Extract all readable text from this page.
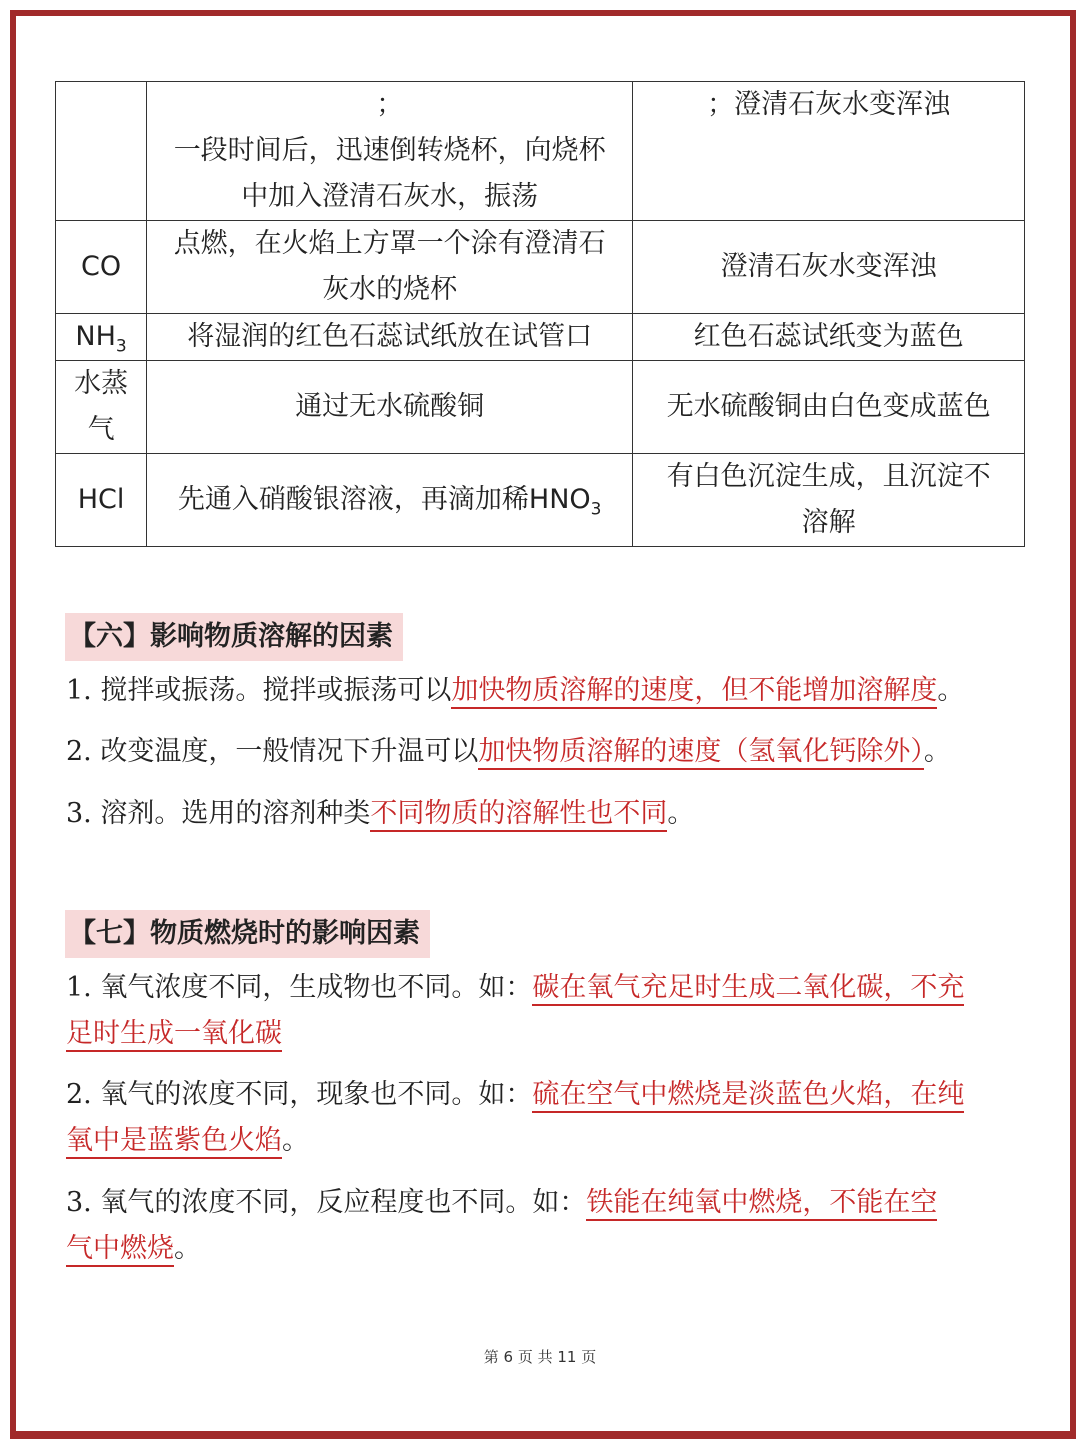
	；
一段时间后，迅速倒转烧杯，向烧杯
中加入澄清石灰水，振荡	；澄清石灰水变浑浊

CO	点燃，在火焰上方罩一个涂有澄清石
灰水的烧杯	澄清石灰水变浑浊

$NH_3$	将湿润的红色石蕊试纸放在试管口	红色石蕊试纸变为蓝色

水蒸
气	通过无水硫酸铜	无水硫酸铜由白色变成蓝色

HCl	先通入硝酸银溶液，再滴加稀$HNO_3$	有白色沉淀生成，且沉淀不
溶解
【六】影响物质溶解的因素
1. 搅拌或振荡。搅拌或振荡可以加快物质溶解的速度，但不能增加溶解度。
2. 改变温度，一般情况下升温可以加快物质溶解的速度（氢氧化钙除外）。
3. 溶剂。选用的溶剂种类不同物质的溶解性也不同。
【七】物质燃烧时的影响因素
1. 氧气浓度不同，生成物也不同。如：碳在氧气充足时生成二氧化碳，不充
足时生成一氧化碳
2. 氧气的浓度不同，现象也不同。如：硫在空气中燃烧是淡蓝色火焰，在纯
氧中是蓝紫色火焰。
3. 氧气的浓度不同，反应程度也不同。如：铁能在纯氧中燃烧，不能在空
气中燃烧。
第 6 页 共 11 页
